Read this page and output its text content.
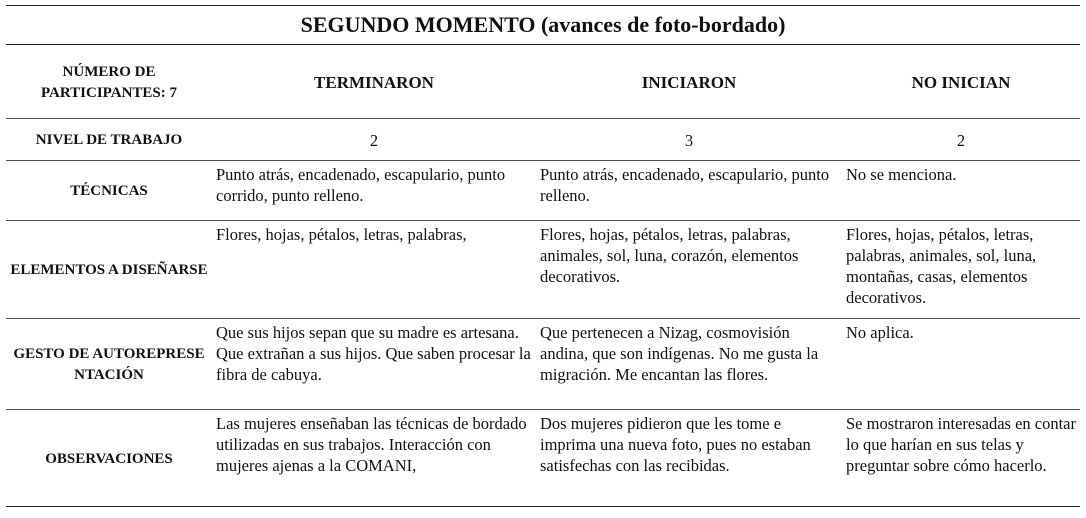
SEGUNDO MOMENTO (avances de foto-bordado)			
NÚMERO DE PARTICIPANTES: 7	TERMINARON	INICIARON	NO INICIAN
NIVEL DE TRABAJO	2	3	2
TÉCNICAS	Punto atrás, encadenado, escapulario, punto corrido, punto relleno.	Punto atrás, encadenado, escapulario, punto relleno.	No se menciona.
ELEMENTOS A DISEÑARSE	Flores, hojas, pétalos, letras, palabras,	Flores, hojas, pétalos, letras, palabras, animales, sol, luna, corazón, elementos decorativos.	Flores, hojas, pétalos, letras, palabras, animales, sol, luna, montañas, casas, elementos decorativos.
GESTO DE AUTOREPRESENTACIÓN	Que sus hijos sepan que su madre es artesana. Que extrañan a sus hijos. Que saben procesar la fibra de cabuya.	Que pertenecen a Nizag, cosmovisión andina, que son indígenas. No me gusta la migración. Me encantan las flores.	No aplica.
OBSERVACIONES	Las mujeres enseñaban las técnicas de bordado utilizadas en sus trabajos. Interacción con mujeres ajenas a la COMANI,	Dos mujeres pidieron que les tome e imprima una nueva foto, pues no estaban satisfechas con las recibidas.	Se mostraron interesadas en contar lo que harían en sus telas y preguntar sobre cómo hacerlo.
